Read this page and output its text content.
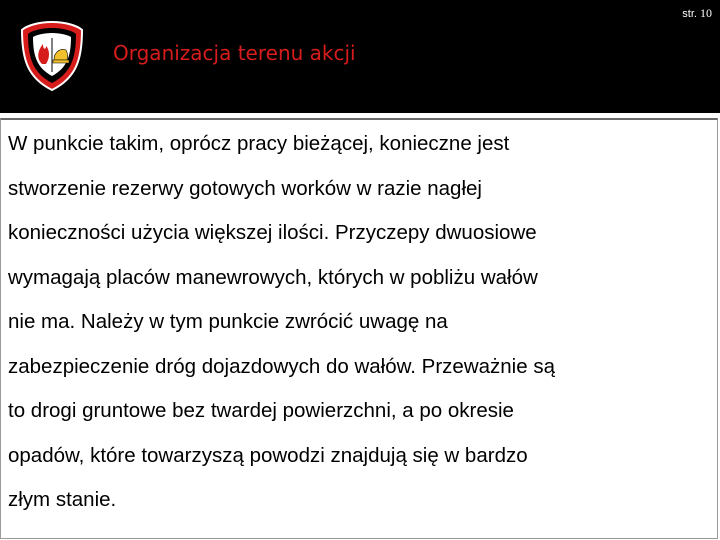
str. 10
Organizacja terenu akcji

W punkcie takim, oprócz pracy bieżącej, konieczne jest
stworzenie rezerwy gotowych worków w razie nagłej
konieczności użycia większej ilości. Przyczepy dwuosiowe
wymagają placów manewrowych, których w pobliżu wałów
nie ma. Należy w tym punkcie zwrócić uwagę na
zabezpieczenie dróg dojazdowych do wałów. Przeważnie są
to drogi gruntowe bez twardej powierzchni, a po okresie
opadów, które towarzyszą powodzi znajdują się w bardzo
złym stanie.
